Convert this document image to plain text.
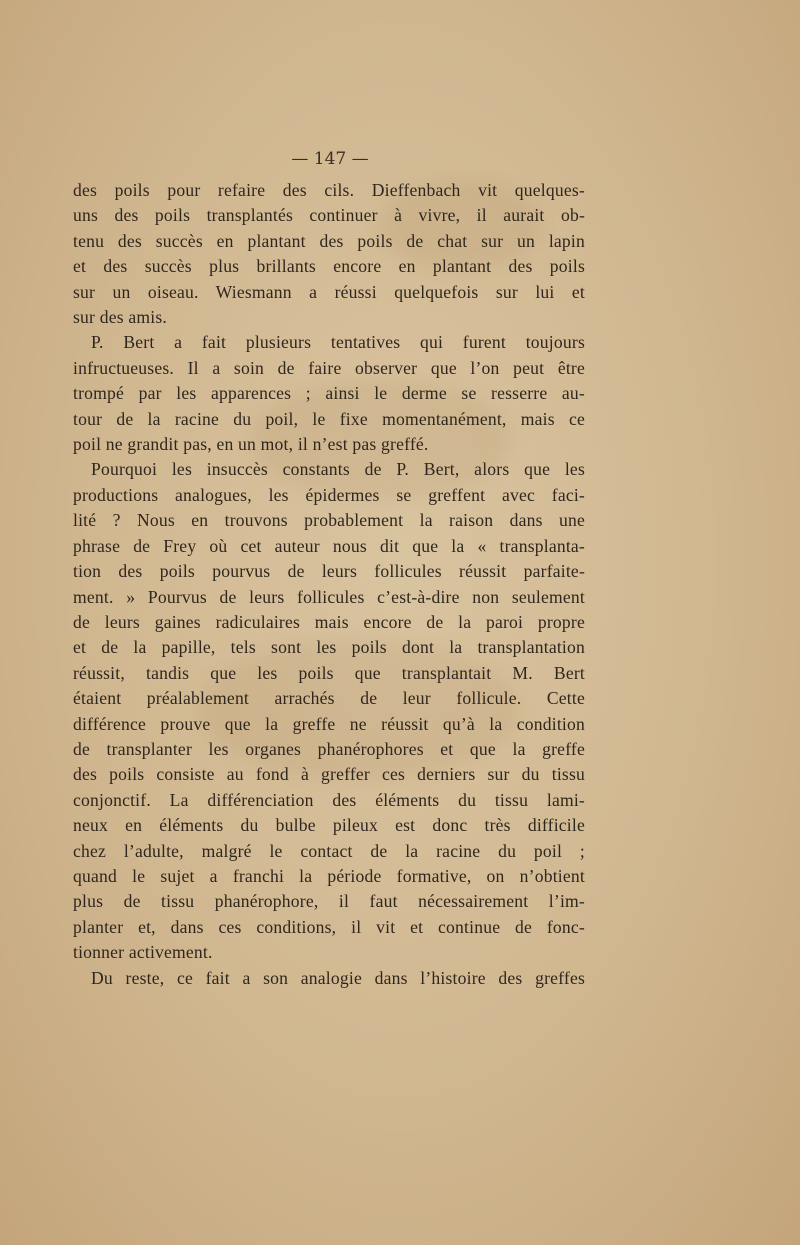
— 147 —
des poils pour refaire des cils. Dieffenbach vit quelques-
uns des poils transplantés continuer à vivre, il aurait ob-
tenu des succès en plantant des poils de chat sur un lapin
et des succès plus brillants encore en plantant des poils
sur un oiseau. Wiesmann a réussi quelquefois sur lui et
sur des amis.
P. Bert a fait plusieurs tentatives qui furent toujours
infructueuses. Il a soin de faire observer que l’on peut être
trompé par les apparences ; ainsi le derme se resserre au-
tour de la racine du poil, le fixe momentanément, mais ce
poil ne grandit pas, en un mot, il n’est pas greffé.
Pourquoi les insuccès constants de P. Bert, alors que les
productions analogues, les épidermes se greffent avec faci-
lité ? Nous en trouvons probablement la raison dans une
phrase de Frey où cet auteur nous dit que la « transplanta-
tion des poils pourvus de leurs follicules réussit parfaite-
ment. » Pourvus de leurs follicules c’est-à-dire non seulement
de leurs gaines radiculaires mais encore de la paroi propre
et de la papille, tels sont les poils dont la transplantation
réussit, tandis que les poils que transplantait M. Bert
étaient préalablement arrachés de leur follicule. Cette
différence prouve que la greffe ne réussit qu’à la condition
de transplanter les organes phanérophores et que la greffe
des poils consiste au fond à greffer ces derniers sur du tissu
conjonctif. La différenciation des éléments du tissu lami-
neux en éléments du bulbe pileux est donc très difficile
chez l’adulte, malgré le contact de la racine du poil ;
quand le sujet a franchi la période formative, on n’obtient
plus de tissu phanérophore, il faut nécessairement l’im-
planter et, dans ces conditions, il vit et continue de fonc-
tionner activement.
Du reste, ce fait a son analogie dans l’histoire des greffes
